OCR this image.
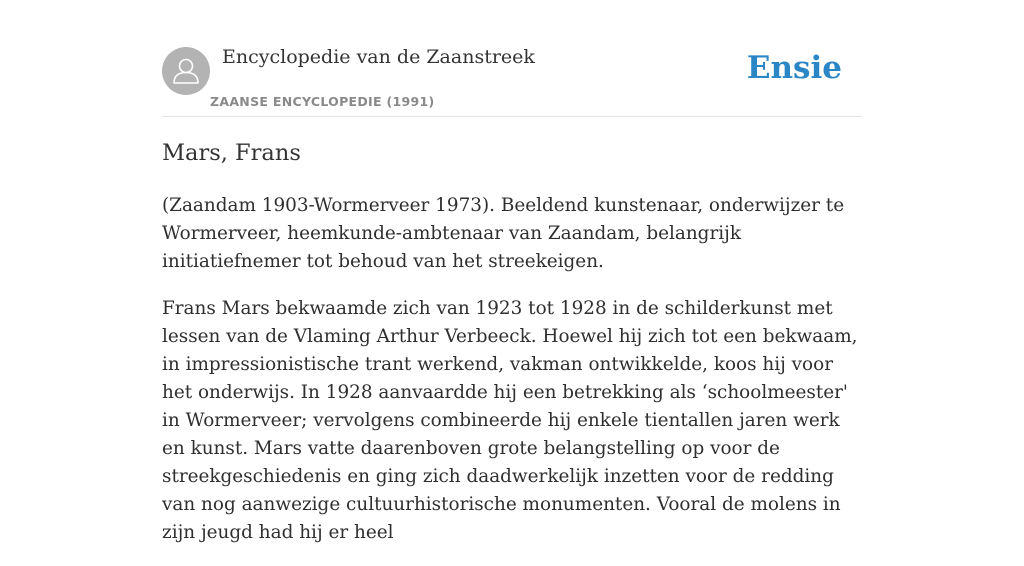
Encyclopedie van de Zaanstreek
ZAANSE ENCYCLOPEDIE (1991)
Ensie
Mars, Frans

(Zaandam 1903-Wormerveer 1973). Beeldend kunstenaar, onderwijzer te Wormerveer, heemkunde-ambtenaar van Zaandam, belangrijk initiatiefnemer tot behoud van het streekeigen.

Frans Mars bekwaamde zich van 1923 tot 1928 in de schilderkunst met lessen van de Vlaming Arthur Verbeeck. Hoewel hij zich tot een bekwaam, in impressionistische trant werkend, vakman ontwikkelde, koos hij voor het onderwijs. In 1928 aanvaardde hij een betrekking als ‘schoolmeester' in Wormerveer; vervolgens combineerde hij enkele tientallen jaren werk en kunst. Mars vatte daarenboven grote belangstelling op voor de streekgeschiedenis en ging zich daadwerkelijk inzetten voor de redding van nog aanwezige cultuurhistorische monumenten. Vooral de molens in zijn jeugd had hij er heel
